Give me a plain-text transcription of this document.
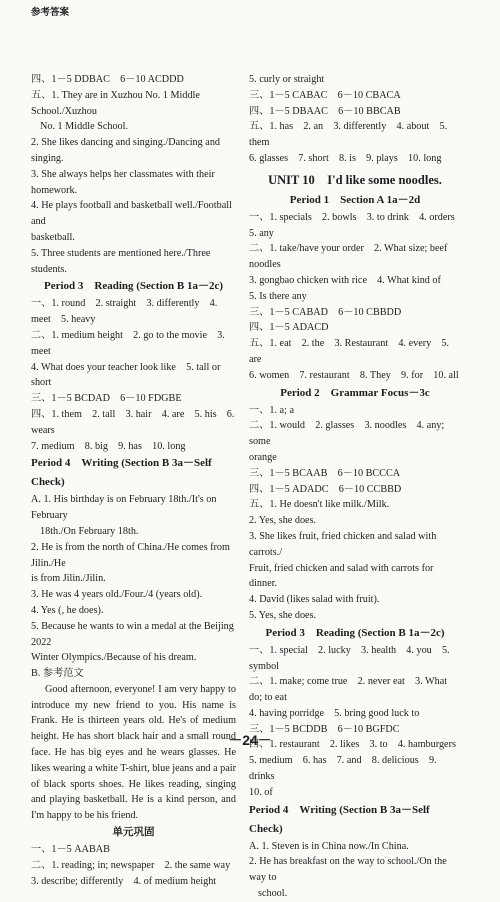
参考答案

四、1－5 DDBAC　6－10 ACDDD

五、1. They are in Xuzhou No. 1 Middle School./Xuzhou

No. 1 Middle School.

2. She likes dancing and singing./Dancing and singing.

3. She always helps her classmates with their homework.

4. He plays football and basketball well./Football and

basketball.

5. Three students are mentioned here./Three students.

Period 3　Reading (Section B 1a－2c)

一、1. round　2. straight　3. differently　4. meet　5. heavy

二、1. medium height　2. go to the movie　3. meet

4. What does your teacher look like　5. tall or short

三、1－5 BCDAD　6－10 FDGBE

四、1. them　2. tall　3. hair　4. are　5. his　6. wears

7. medium　8. big　9. has　10. long

Period 4　Writing (Section B 3a－Self Check)

A. 1. His birthday is on February 18th./It's on February

18th./On February 18th.

2. He is from the north of China./He comes from Jilin./He

is from Jilin./Jilin.

3. He was 4 years old./Four./4 (years old).

4. Yes (, he does).

5. Because he wants to win a medal at the Beijing 2022

Winter Olympics./Because of his dream.

B. 参考范文

Good afternoon, everyone! I am very happy to introduce my new friend to you. His name is Frank. He is thirteen years old. He's of medium height. He has short black hair and a small round face. He has big eyes and he wears glasses. He likes wearing a white T-shirt, blue jeans and a pair of black sports shoes. He likes reading, singing and playing basketball. He is a kind person, and I'm happy to be his friend.

单元巩固

一、1－5 AABAB

二、1. reading; in; newspaper　2. the same way

3. describe; differently　4. of medium height

5. curly or straight

三、1－5 CABAC　6－10 CBACA

四、1－5 DBAAC　6－10 BBCAB

五、1. has　2. an　3. differently　4. about　5. them

6. glasses　7. short　8. is　9. plays　10. long

UNIT 10　I'd like some noodles.
Period 1　Section A 1a－2d

一、1. specials　2. bowls　3. to drink　4. orders　5. any

二、1. take/have your order　2. What size; beef noodles

3. gongbao chicken with rice　4. What kind of

5. Is there any

三、1－5 CABAD　6－10 CBBDD

四、1－5 ADACD

五、1. eat　2. the　3. Restaurant　4. every　5. are

6. women　7. restaurant　8. They　9. for　10. all

Period 2　Grammar Focus－3c

一、1. a; a

二、1. would　2. glasses　3. noodles　4. any; some

orange

三、1－5 BCAAB　6－10 BCCCA

四、1－5 ADADC　6－10 CCBBD

五、1. He doesn't like milk./Milk.

2. Yes, she does.

3. She likes fruit, fried chicken and salad with carrots./

Fruit, fried chicken and salad with carrots for dinner.

4. David (likes salad with fruit).

5. Yes, she does.

Period 3　Reading (Section B 1a－2c)

一、1. special　2. lucky　3. health　4. you　5. symbol

二、1. make; come true　2. never eat　3. What do; to eat

4. having porridge　5. bring good luck to

三、1－5 BCDDB　6－10 BGFDC

四、1. restaurant　2. likes　3. to　4. hamburgers

5. medium　6. has　7. and　8. delicious　9. drinks

10. of

Period 4　Writing (Section B 3a－Self Check)

A. 1. Steven is in China now./In China.

2. He has breakfast on the way to school./On the way to

school.

－24－
